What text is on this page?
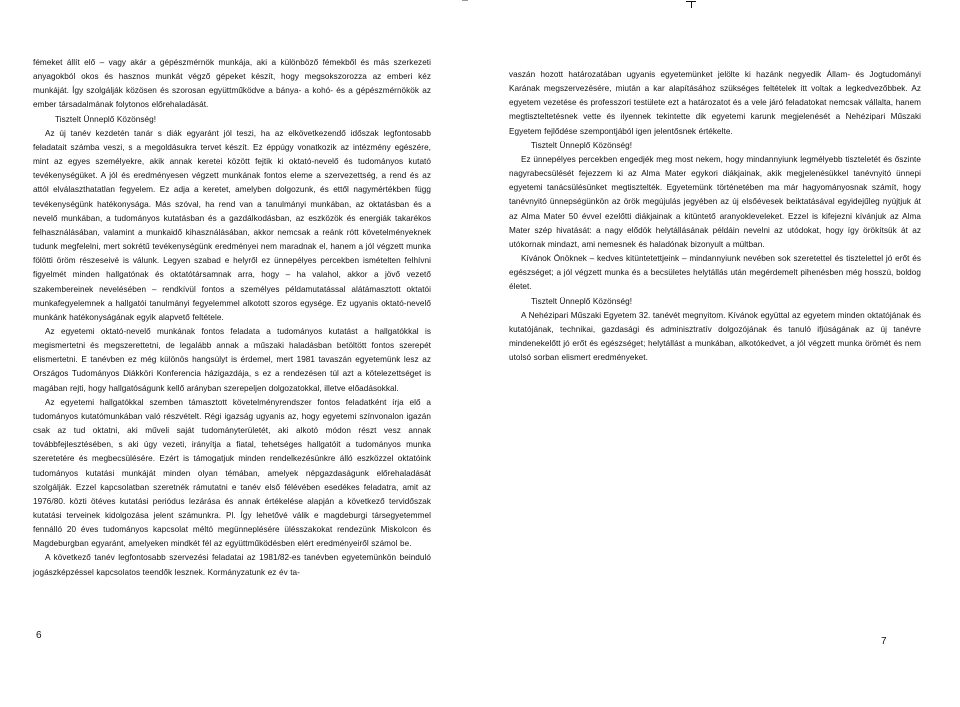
fémeket állít elő – vagy akár a gépészmérnök munkája, aki a különböző fémekből és más szerkezeti anyagokból okos és hasznos munkát végző gépeket készít, hogy megsokszorozza az emberi kéz munkáját. Így szolgálják közösen és szorosan együttműködve a bánya- a kohó- és a gépészmérnökök az ember társadalmának folytonos előrehaladását.

Tisztelt Ünneplő Közönség!

Az új tanév kezdetén tanár s diák egyaránt jól teszi, ha az elkövetkezendő időszak legfontosabb feladatait számba veszi, s a megoldásukra tervet készít. Ez éppúgy vonatkozik az intézmény egészére, mint az egyes személyekre, akik annak keretei között fejtik ki oktató-nevelő és tudományos kutató tevékenységüket. A jól és eredményesen végzett munkának fontos eleme a szervezettség, a rend és az attól elválaszthatatlan fegyelem. Ez adja a keretet, amelyben dolgozunk, és ettől nagymértékben függ tevékenységünk hatékonysága. Más szóval, ha rend van a tanulmányi munkában, az oktatásban és a nevelő munkában, a tudományos kutatásban és a gazdálkodásban, az eszközök és energiák takarékos felhasználásában, valamint a munkaidő kihasználásában, akkor nemcsak a reánk rótt követelményeknek tudunk megfelelni, mert sokrétű tevékenységünk eredményei nem maradnak el, hanem a jól végzett munka fölötti öröm részeseivé is válunk. Legyen szabad e helyről ez ünnepélyes percekben ismételten felhívni figyelmét minden hallgatónak és oktatótársamnak arra, hogy – ha valahol, akkor a jövő vezető szakembereinek nevelésében – rendkívül fontos a személyes példamutatással alátámasztott oktatói munkafegyelemnek a hallgatói tanulmányi fegyelemmel alkotott szoros egysége. Ez ugyanis oktató-nevelő munkánk hatékonyságának egyik alapvető feltétele.

Az egyetemi oktató-nevelő munkának fontos feladata a tudományos kutatást a hallgatókkal is megismertetni és megszerettetni, de legalább annak a műszaki haladásban betöltött fontos szerepét elismertetni. E tanévben ez még különös hangsúlyt is érdemel, mert 1981 tavaszán egyetemünk lesz az Országos Tudományos Diákköri Konferencia házigazdája, s ez a rendezésen túl azt a kötelezettséget is magában rejti, hogy hallgatóságunk kellő arányban szerepeljen dolgozatokkal, illetve előadásokkal.

Az egyetemi hallgatókkal szemben támasztott követelményrendszer fontos feladatként írja elő a tudományos kutatómunkában való részvételt. Régi igazság ugyanis az, hogy egyetemi színvonalon igazán csak az tud oktatni, aki műveli saját tudományterületét, aki alkotó módon részt vesz annak továbbfejlesztésében, s aki úgy vezeti, irányítja a fiatal, tehetséges hallgatóit a tudományos munka szeretetére és megbecsülésére. Ezért is támogatjuk minden rendelkezésünkre álló eszközzel oktatóink tudományos kutatási munkáját minden olyan témában, amelyek népgazdaságunk előrehaladását szolgálják. Ezzel kapcsolatban szeretnék rámutatni e tanév első félévében esedékes feladatra, amit az 1976/80. közti ötéves kutatási periódus lezárása és annak értékelése alapján a következő tervidőszak kutatási terveinek kidolgozása jelent számunkra. Pl. Így lehetővé válik e magdeburgi társegyetemmel fennálló 20 éves tudományos kapcsolat méltó megünneplésére ülésszakokat rendezünk Miskolcon és Magdeburgban egyaránt, amelyeken mindkét fél az együttműködésben elért eredményeiről számol be.

A következő tanév legfontosabb szervezési feladatai az 1981/82-es tanévben egyetemünkön beinduló jogászképzéssel kapcsolatos teendők lesznek. Kormányzatunk ez év ta-

vaszán hozott határozatában ugyanis egyetemünket jelölte ki hazánk negyedik Állam- és Jogtudományi Karának megszervezésére, miután a kar alapításához szükséges feltételek itt voltak a legkedvezőbbek. Az egyetem vezetése és professzori testülete ezt a határozatot és a vele járó feladatokat nemcsak vállalta, hanem megtiszteltetésnek vette és ilyennek tekintette dik egyetemi karunk megjelenését a Nehézipari Műszaki Egyetem fejlődése szempontjából igen jelentősnek értékelte.

Tisztelt Ünneplő Közönség!

Ez ünnepélyes percekben engedjék meg most nekem, hogy mindannyiunk legmélyebb tiszteletét és őszinte nagyrabecsülését fejezzem ki az Alma Mater egykori diákjainak, akik megjelenésükkel tanévnyitó ünnepi egyetemi tanácsülésünket megtisztelték. Egyetemünk történetében ma már hagyományosnak számít, hogy tanévnyitó ünnepségünkön az örök megújulás jegyében az új elsőévesek beiktatásával egyidejűleg nyújtjuk át az Alma Mater 50 évvel ezelőtti diákjainak a kitüntető aranyokleveleket. Ezzel is kifejezni kívánjuk az Alma Mater szép hivatását: a nagy elődök helytállásának példáin nevelni az utódokat, hogy így örökítsük át az utókornak mindazt, ami nemesnek és haladónak bizonyult a múltban.

Kívánok Önöknek – kedves kitüntetettjeink – mindannyiunk nevében sok szeretettel és tisztelettel jó erőt és egészséget; a jól végzett munka és a becsületes helytállás után megérdemelt pihenésben még hosszú, boldog életet.

Tisztelt Ünneplő Közönség!

A Nehézipari Műszaki Egyetem 32. tanévét megnyitom. Kívánok együttal az egyetem minden oktatójának és kutatójának, technikai, gazdasági és adminisztratív dolgozójának és tanuló ifjúságának az új tanévre mindenekelőtt jó erőt és egészséget; helytállást a munkában, alkotókedvet, a jól végzett munka örömét és nem utolsó sorban elismert eredményeket.

6
7
